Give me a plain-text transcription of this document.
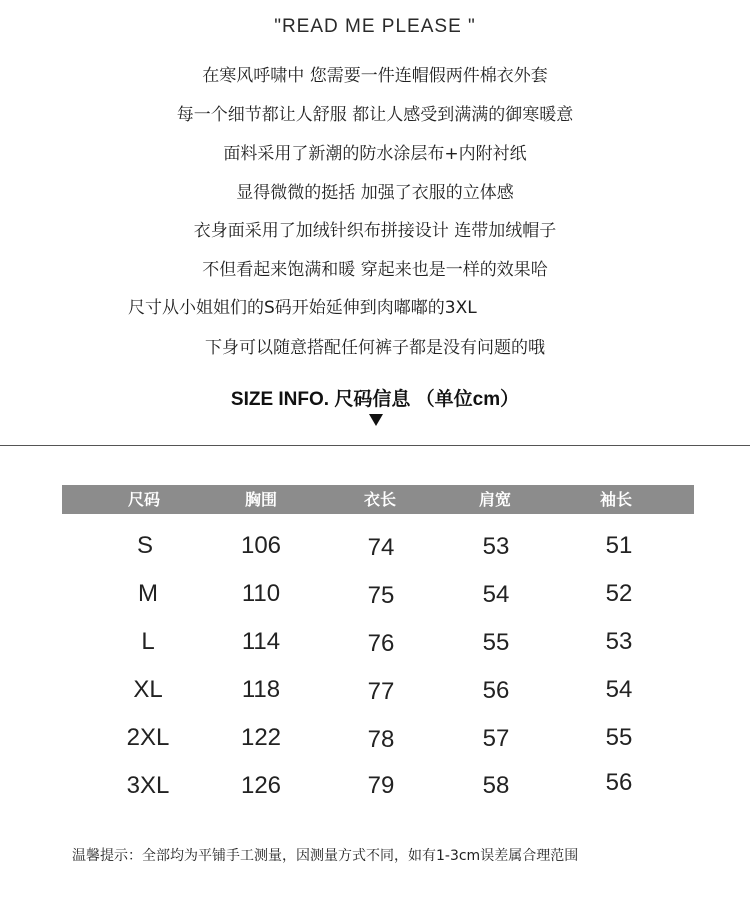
"READ ME PLEASE "
在寒风呼啸中 您需要一件连帽假两件棉衣外套
每一个细节都让人舒服 都让人感受到满满的御寒暖意
面料采用了新潮的防水涂层布+内附衬纸
显得微微的挺括 加强了衣服的立体感
衣身面采用了加绒针织布拼接设计 连带加绒帽子
不但看起来饱满和暖 穿起来也是一样的效果哈
尺寸从小姐姐们的S码开始延伸到肉嘟嘟的3XL
下身可以随意搭配任何裤子都是没有问题的哦
SIZE INFO. 尺码信息 （单位cm）
尺码	胸围	衣长	肩宽	袖长
S	106	74	53	51
M	110	75	54	52
L	114	76	55	53
XL	118	77	56	54
2XL	122	78	57	55
3XL	126	79	58	56
温馨提示：全部均为平铺手工测量，因测量方式不同，如有1-3cm误差属合理范围
